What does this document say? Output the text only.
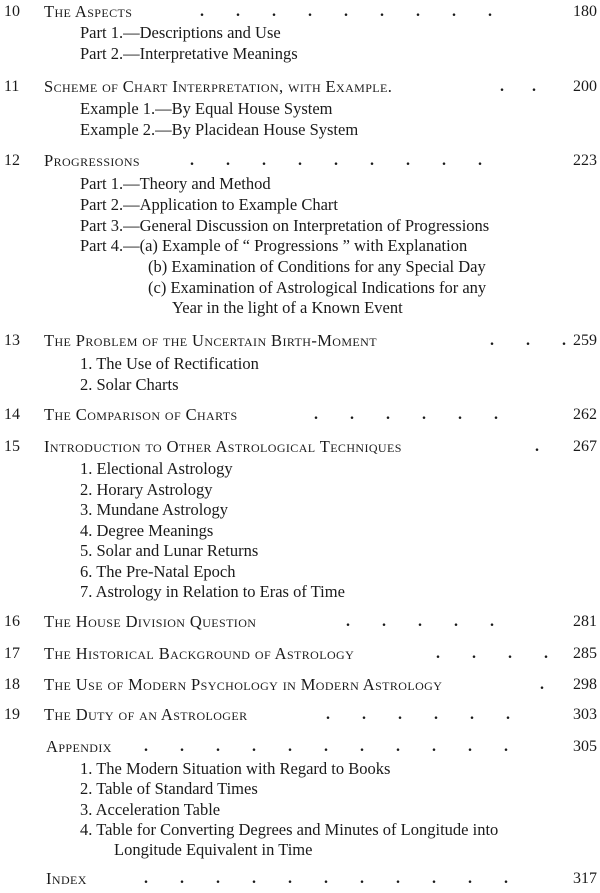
10 The Aspects	.        .        .        .        .        .        .        .        .	180
Part 1.—Descriptions and Use
Part 2.—Interpretative Meanings
11 Scheme of Chart Interpretation, with Example.	.       . 200
Example 1.—By Equal House System
Example 2.—By Placidean House System
12 Progressions	.        .        .        .        .        .        .        .        .	223
Part 1.—Theory and Method
Part 2.—Application to Example Chart
Part 3.—General Discussion on Interpretation of Progressions
Part 4.—(a) Example of “ Progressions ” with Explanation
(b) Examination of Conditions for any Special Day
(c) Examination of Astrological Indications for any
Year in the light of a Known Event
13 The Problem of the Uncertain Birth-Moment	.        .        . 259
1. The Use of Rectification
2. Solar Charts
14 The Comparison of Charts	.        .        .        .        .        .	262
15 Introduction to Other Astrological Techniques	. 267
1. Electional Astrology
2. Horary Astrology
3. Mundane Astrology
4. Degree Meanings
5. Solar and Lunar Returns
6. The Pre-Natal Epoch
7. Astrology in Relation to Eras of Time
16 The House Division Question	.        .        .        .        .	281
17 The Historical Background of Astrology	.        .        .        . 285
18 The Use of Modern Psychology in Modern Astrology	. 298
19 The Duty of an Astrologer	.        .        .        .        .        .	303
Appendix .        .        .        .        .        .        .        .        .        .        .	305
1. The Modern Situation with Regard to Books
2. Table of Standard Times
3. Acceleration Table
4. Table for Converting Degrees and Minutes of Longitude into
Longitude Equivalent in Time
Index	.        .        .        .        .        .        .        .        .        .        .	317
